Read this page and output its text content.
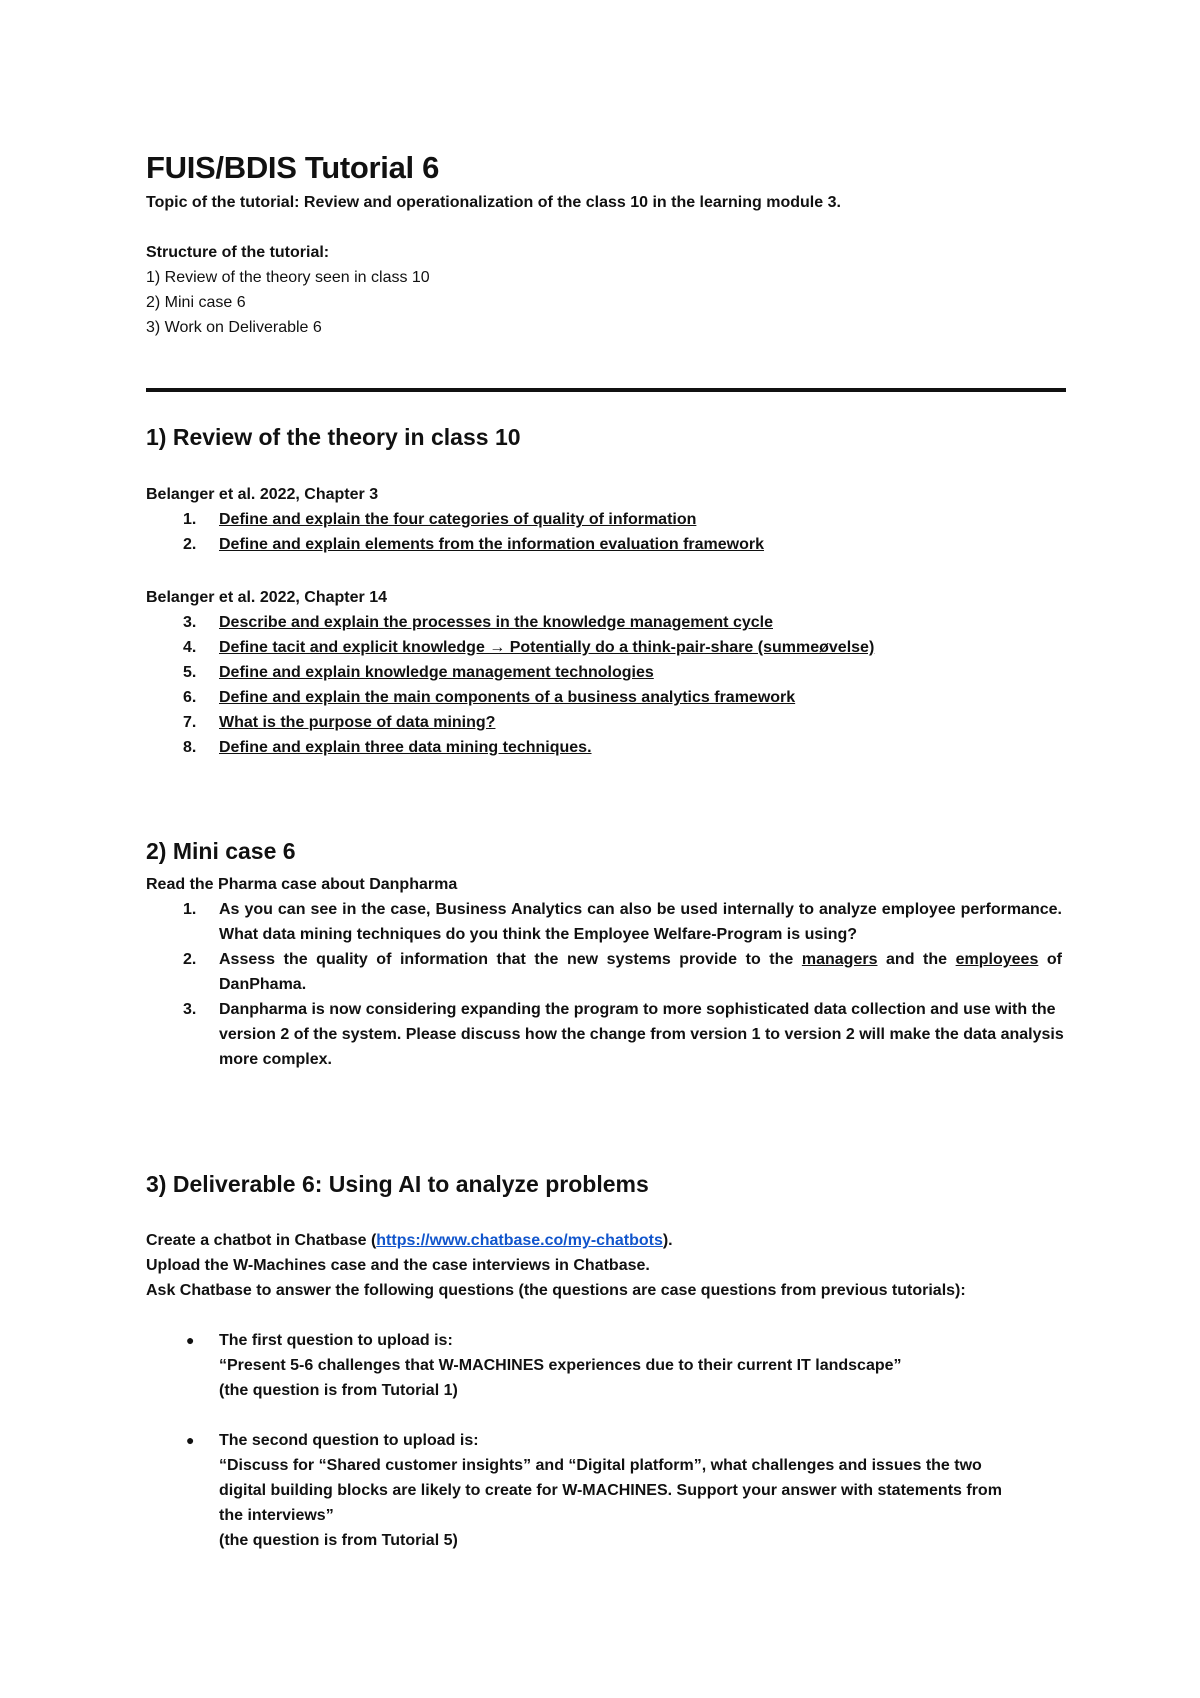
FUIS/BDIS Tutorial 6
Topic of the tutorial: Review and operationalization of the class 10 in the learning module 3.
Structure of the tutorial:
1) Review of the theory seen in class 10
2) Mini case 6
3) Work on Deliverable 6
1) Review of the theory in class 10
Belanger et al. 2022, Chapter 3
1. Define and explain the four categories of quality of information
2. Define and explain elements from the information evaluation framework
Belanger et al. 2022, Chapter 14
3. Describe and explain the processes in the knowledge management cycle
4. Define tacit and explicit knowledge → Potentially do a think-pair-share (summeøvelse)
5. Define and explain knowledge management technologies
6. Define and explain the main components of a business analytics framework
7. What is the purpose of data mining?
8. Define and explain three data mining techniques.
2) Mini case 6
Read the Pharma case about Danpharma
1. As you can see in the case, Business Analytics can also be used internally to analyze employee performance. What data mining techniques do you think the Employee Welfare-Program is using?
2. Assess the quality of information that the new systems provide to the managers and the employees of DanPhama.
3. Danpharma is now considering expanding the program to more sophisticated data collection and use with the version 2 of the system. Please discuss how the change from version 1 to version 2 will make the data analysis more complex.
3) Deliverable 6: Using AI to analyze problems
Create a chatbot in Chatbase (https://www.chatbase.co/my-chatbots).
Upload the W-Machines case and the case interviews in Chatbase.
Ask Chatbase to answer the following questions (the questions are case questions from previous tutorials):
● The first question to upload is:
“Present 5-6 challenges that W-MACHINES experiences due to their current IT landscape”
(the question is from Tutorial 1)
● The second question to upload is:
“Discuss for “Shared customer insights” and “Digital platform”, what challenges and issues the two digital building blocks are likely to create for W-MACHINES. Support your answer with statements from the interviews”
(the question is from Tutorial 5)
